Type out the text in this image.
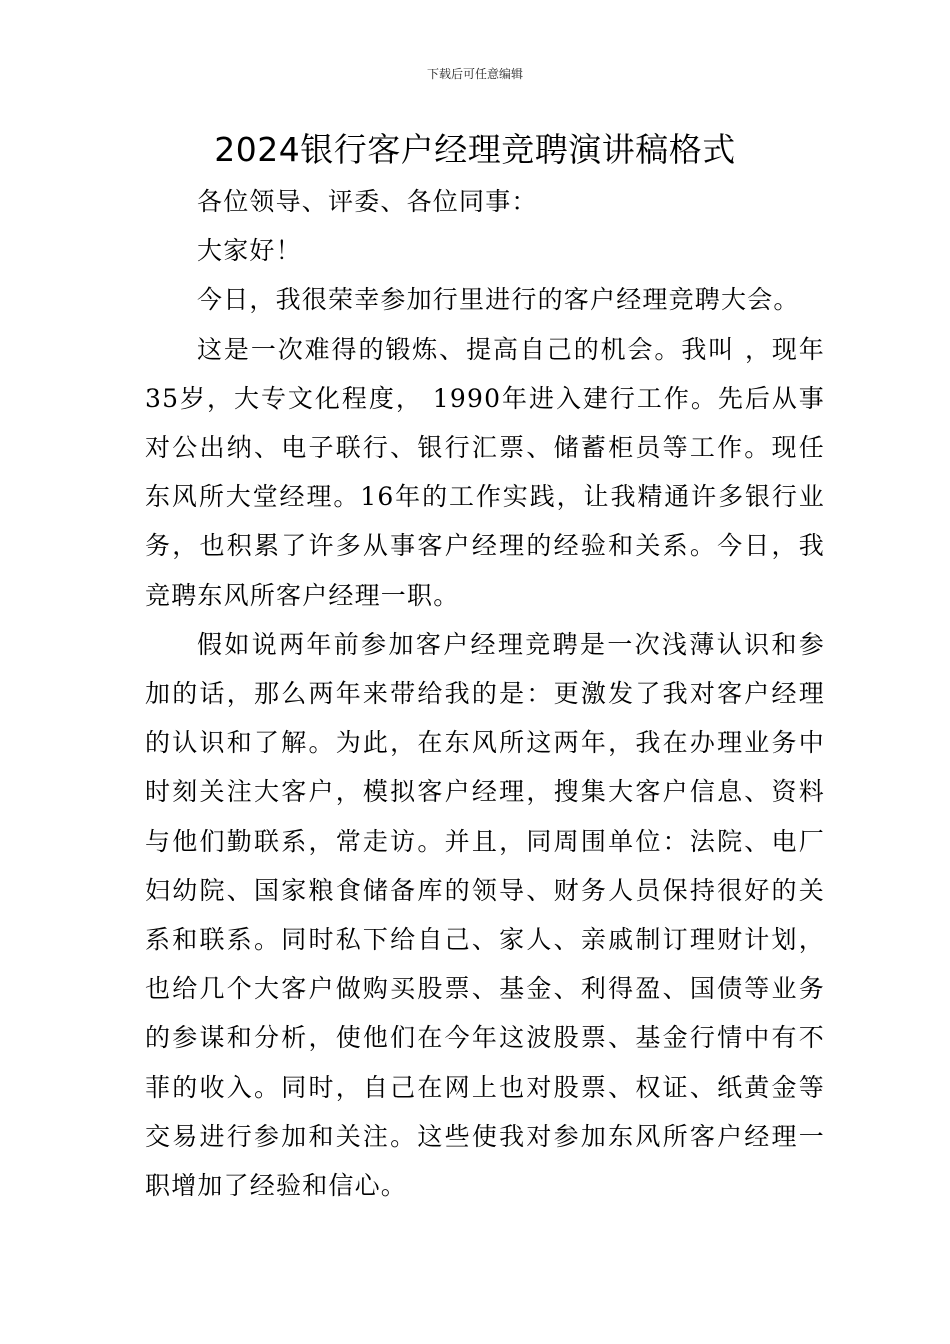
下载后可任意编辑
2024银行客户经理竞聘演讲稿格式

各位领导、评委、各位同事：

大家好！

今日，我很荣幸参加行里进行的客户经理竞聘大会。

这是一次难得的锻炼、提高自己的机会。我叫 ，现年35岁，大专文化程度， 1990年进入建行工作。先后从事对公出纳、电子联行、银行汇票、储蓄柜员等工作。现任东风所大堂经理。16年的工作实践，让我精通许多银行业务，也积累了许多从事客户经理的经验和关系。今日，我竞聘东风所客户经理一职。

假如说两年前参加客户经理竞聘是一次浅薄认识和参加的话，那么两年来带给我的是：更激发了我对客户经理的认识和了解。为此，在东风所这两年，我在办理业务中时刻关注大客户，模拟客户经理，搜集大客户信息、资料与他们勤联系，常走访。并且，同周围单位：法院、电厂妇幼院、国家粮食储备库的领导、财务人员保持很好的关系和联系。同时私下给自己、家人、亲戚制订理财计划，也给几个大客户做购买股票、基金、利得盈、国债等业务的参谋和分析，使他们在今年这波股票、基金行情中有不菲的收入。同时，自己在网上也对股票、权证、纸黄金等交易进行参加和关注。这些使我对参加东风所客户经理一职增加了经验和信心。
